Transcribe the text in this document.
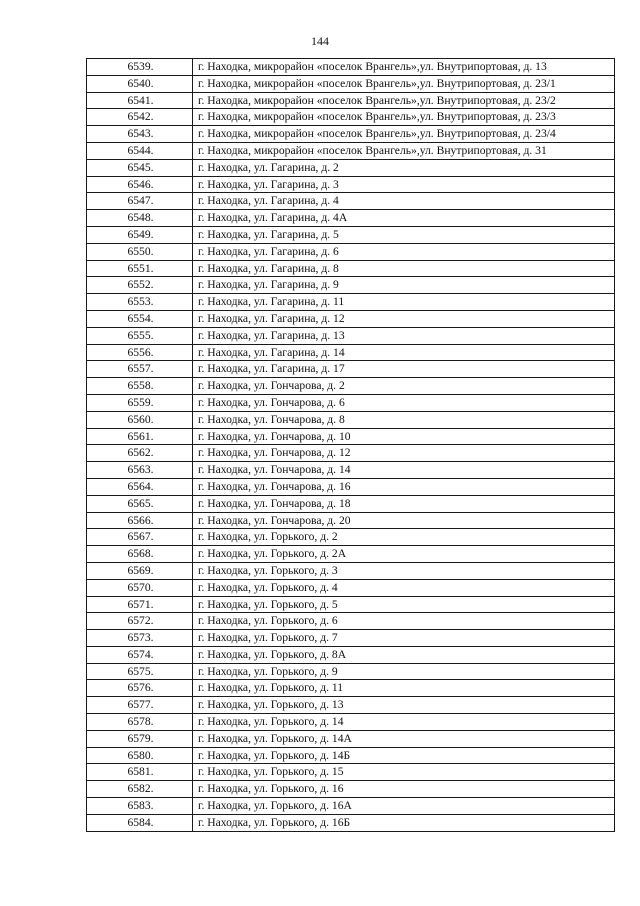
144
6539.	г. Находка, микрорайон «поселок Врангель»,ул. Внутрипортовая, д. 13
6540.	г. Находка, микрорайон «поселок Врангель»,ул. Внутрипортовая, д. 23/1
6541.	г. Находка, микрорайон «поселок Врангель»,ул. Внутрипортовая, д. 23/2
6542.	г. Находка, микрорайон «поселок Врангель»,ул. Внутрипортовая, д. 23/3
6543.	г. Находка, микрорайон «поселок Врангель»,ул. Внутрипортовая, д. 23/4
6544.	г. Находка, микрорайон «поселок Врангель»,ул. Внутрипортовая, д. 31
6545.	г. Находка, ул. Гагарина, д. 2
6546.	г. Находка, ул. Гагарина, д. 3
6547.	г. Находка, ул. Гагарина, д. 4
6548.	г. Находка, ул. Гагарина, д. 4А
6549.	г. Находка, ул. Гагарина, д. 5
6550.	г. Находка, ул. Гагарина, д. 6
6551.	г. Находка, ул. Гагарина, д. 8
6552.	г. Находка, ул. Гагарина, д. 9
6553.	г. Находка, ул. Гагарина, д. 11
6554.	г. Находка, ул. Гагарина, д. 12
6555.	г. Находка, ул. Гагарина, д. 13
6556.	г. Находка, ул. Гагарина, д. 14
6557.	г. Находка, ул. Гагарина, д. 17
6558.	г. Находка, ул. Гончарова, д. 2
6559.	г. Находка, ул. Гончарова, д. 6
6560.	г. Находка, ул. Гончарова, д. 8
6561.	г. Находка, ул. Гончарова, д. 10
6562.	г. Находка, ул. Гончарова, д. 12
6563.	г. Находка, ул. Гончарова, д. 14
6564.	г. Находка, ул. Гончарова, д. 16
6565.	г. Находка, ул. Гончарова, д. 18
6566.	г. Находка, ул. Гончарова, д. 20
6567.	г. Находка, ул. Горького, д. 2
6568.	г. Находка, ул. Горького, д. 2А
6569.	г. Находка, ул. Горького, д. 3
6570.	г. Находка, ул. Горького, д. 4
6571.	г. Находка, ул. Горького, д. 5
6572.	г. Находка, ул. Горького, д. 6
6573.	г. Находка, ул. Горького, д. 7
6574.	г. Находка, ул. Горького, д. 8А
6575.	г. Находка, ул. Горького, д. 9
6576.	г. Находка, ул. Горького, д. 11
6577.	г. Находка, ул. Горького, д. 13
6578.	г. Находка, ул. Горького, д. 14
6579.	г. Находка, ул. Горького, д. 14А
6580.	г. Находка, ул. Горького, д. 14Б
6581.	г. Находка, ул. Горького, д. 15
6582.	г. Находка, ул. Горького, д. 16
6583.	г. Находка, ул. Горького, д. 16А
6584.	г. Находка, ул. Горького, д. 16Б
